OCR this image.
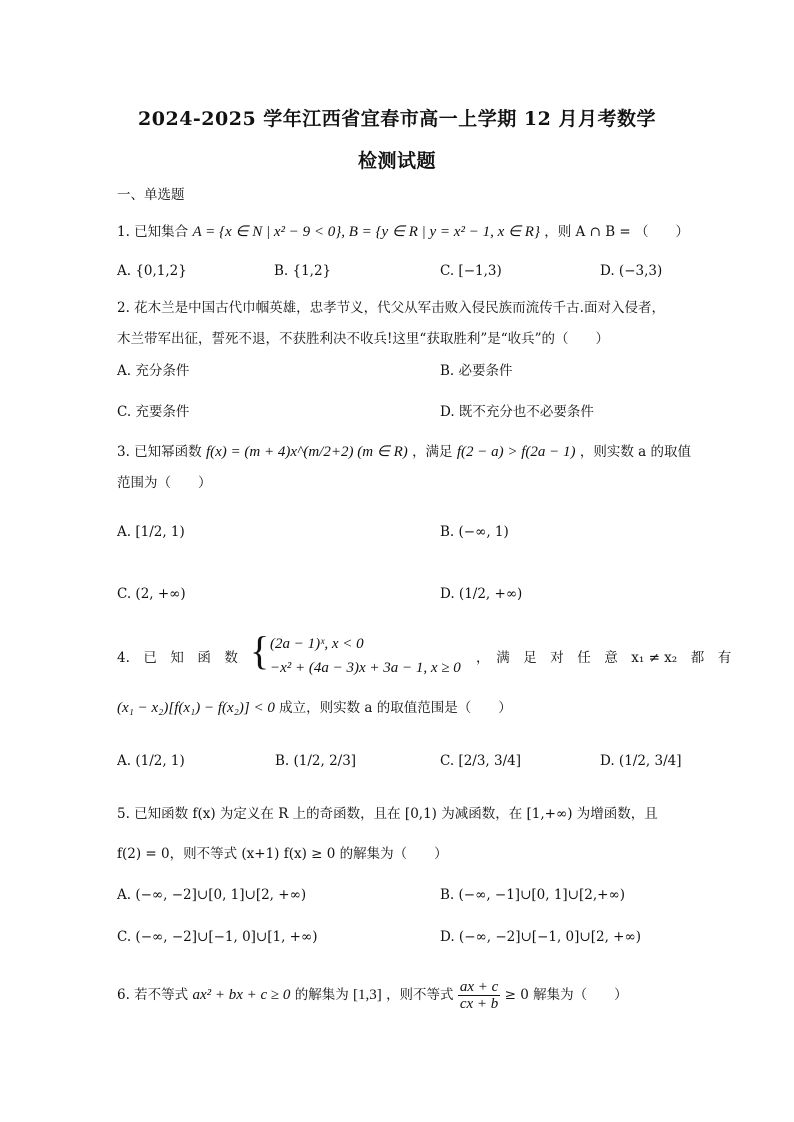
2024-2025 学年江西省宜春市高一上学期 12 月月考数学
检测试题
一、单选题
1. 已知集合 A = {x ∈ N | x² − 9 < 0}, B = {y ∈ R | y = x² − 1, x ∈ R} ，则 A ∩ B = （　　）
A. {0,1,2}	B. {1,2}	C. [−1,3)	D. (−3,3)
2. 花木兰是中国古代巾帼英雄，忠孝节义，代父从军击败入侵民族而流传千古.面对入侵者，
木兰带军出征，誓死不退，不获胜利决不收兵!这里“获取胜利”是“收兵”的（　　）
A. 充分条件	B. 必要条件
C. 充要条件	D. 既不充分也不必要条件
3. 已知幂函数 f(x) = (m + 4)x^(m/2+2) (m ∈ R) ，满足 f(2 − a) > f(2a − 1) ，则实数 a 的取值
范围为（　　）
A. [1/2, 1)	B. (−∞, 1)
C. (2, +∞)	D. (1/2, +∞)
4.　已　知　函　数 { (2a − 1)ˣ, x < 0
−x² + (4a − 3)x + 3a − 1, x ≥ 0
，　满　足　对　任　意　x₁ ≠ x₂　都　有
(x₁ − x₂)[f(x₁) − f(x₂)] < 0 成立，则实数 a 的取值范围是（　　）
A. (1/2, 1)	B. (1/2, 2/3]	C. [2/3, 3/4]	D. (1/2, 3/4]
5. 已知函数 f(x) 为定义在 R 上的奇函数，且在 [0,1) 为减函数，在 [1,+∞) 为增函数，且
f(2) = 0，则不等式 (x+1) f(x) ≥ 0 的解集为（　　）
A. (−∞, −2]∪[0, 1]∪[2, +∞)	B. (−∞, −1]∪[0, 1]∪[2,+∞)
C. (−∞, −2]∪[−1, 0]∪[1, +∞)	D. (−∞, −2]∪[−1, 0]∪[2, +∞)
6. 若不等式 ax² + bx + c ≥ 0 的解集为 [1,3] ，则不等式 $\frac{ax + c}{cx + b} \ge 0$ 解集为（　　）
